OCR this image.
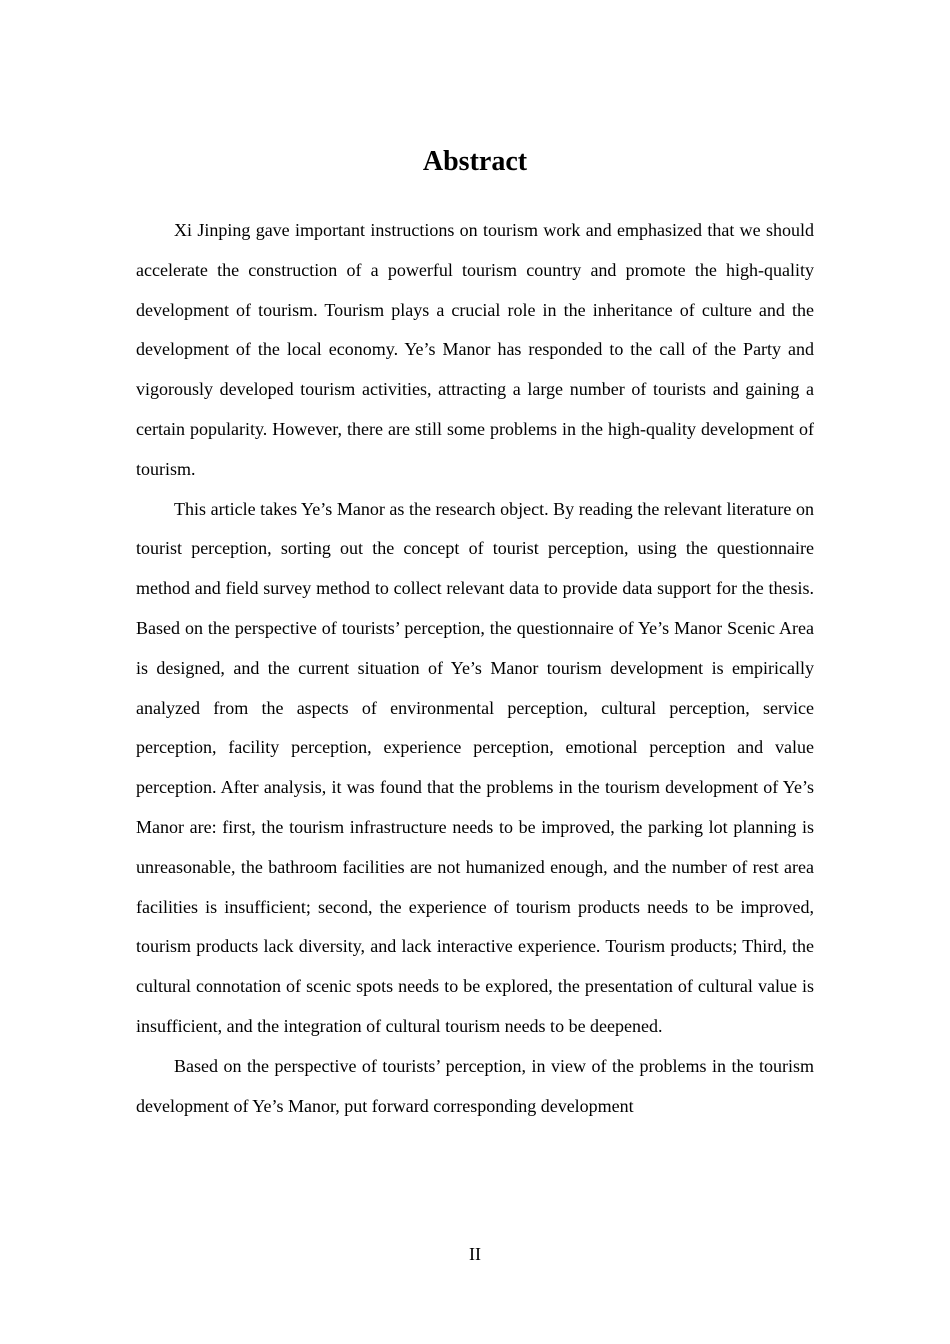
Abstract

Xi Jinping gave important instructions on tourism work and emphasized that we should accelerate the construction of a powerful tourism country and promote the high-quality development of tourism. Tourism plays a crucial role in the inheritance of culture and the development of the local economy. Ye’s Manor has responded to the call of the Party and vigorously developed tourism activities, attracting a large number of tourists and gaining a certain popularity. However, there are still some problems in the high-quality development of tourism.

This article takes Ye’s Manor as the research object. By reading the relevant literature on tourist perception, sorting out the concept of tourist perception, using the questionnaire method and field survey method to collect relevant data to provide data support for the thesis. Based on the perspective of tourists’ perception, the questionnaire of Ye’s Manor Scenic Area is designed, and the current situation of Ye’s Manor tourism development is empirically analyzed from the aspects of environmental perception, cultural perception, service perception, facility perception, experience perception, emotional perception and value perception. After analysis, it was found that the problems in the tourism development of Ye’s Manor are: first, the tourism infrastructure needs to be improved, the parking lot planning is unreasonable, the bathroom facilities are not humanized enough, and the number of rest area facilities is insufficient; second, the experience of tourism products needs to be improved, tourism products lack diversity, and lack interactive experience. Tourism products; Third, the cultural connotation of scenic spots needs to be explored, the presentation of cultural value is insufficient, and the integration of cultural tourism needs to be deepened.

Based on the perspective of tourists’ perception, in view of the problems in the tourism development of Ye’s Manor, put forward corresponding development

II
